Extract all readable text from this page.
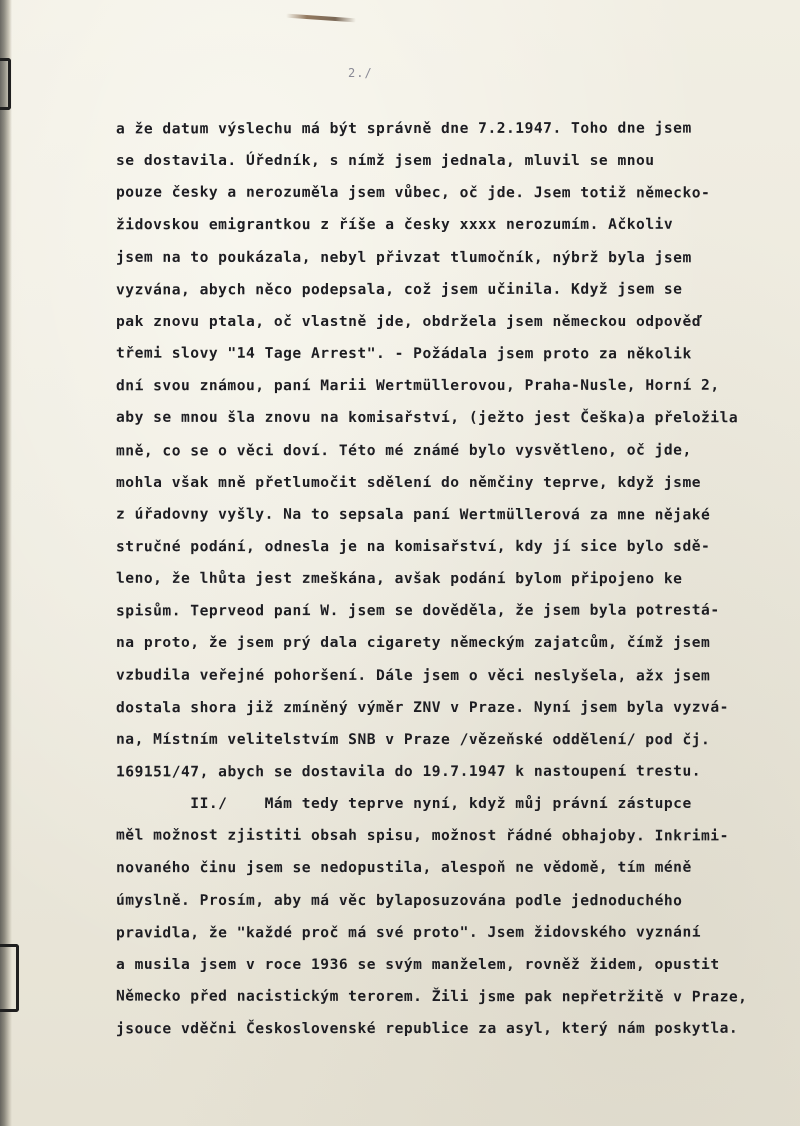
2./
a že datum výslechu má být správně dne 7.2.1947. Toho dne jsem
se dostavila. Úředník, s nímž jsem jednala, mluvil se mnou
pouze česky a nerozuměla jsem vůbec, oč jde. Jsem totiž německo-
židovskou emigrantkou z říše a česky xxxx nerozumím. Ačkoliv
jsem na to poukázala, nebyl přivzat tlumočník, nýbrž byla jsem
vyzvána, abych něco podepsala, což jsem učinila. Když jsem se
pak znovu ptala, oč vlastně jde, obdržela jsem německou odpověď
třemi slovy "14 Tage Arrest". - Požádala jsem proto za několik
dní svou známou, paní Marii Wertmüllerovou, Praha-Nusle, Horní 2,
aby se mnou šla znovu na komisařství, (ježto jest Češka)a přeložila
mně, co se o věci doví. Této mé známé bylo vysvětleno, oč jde,
mohla však mně přetlumočit sdělení do němčiny teprve, když jsme
z úřadovny vyšly. Na to sepsala paní Wertmüllerová za mne nějaké
stručné podání, odnesla je na komisařství, kdy jí sice bylo sdě-
leno, že lhůta jest zmeškána, avšak podání bylom připojeno ke
spisům. Teprveod paní W. jsem se dověděla, že jsem byla potrestá-
na proto, že jsem prý dala cigarety německým zajatcům, čímž jsem
vzbudila veřejné pohoršení. Dále jsem o věci neslyšela, ažx jsem
dostala shora již zmíněný výměr ZNV v Praze. Nyní jsem byla vyzvá-
na, Místním velitelstvím SNB v Praze /vězeňské oddělení/ pod čj.
169151/47, abych se dostavila do 19.7.1947 k nastoupení trestu.
II./    Mám tedy teprve nyní, když můj právní zástupce
měl možnost zjistiti obsah spisu, možnost řádné obhajoby. Inkrimi-
novaného činu jsem se nedopustila, alespoň ne vědomě, tím méně
úmyslně. Prosím, aby má věc bylaposuzována podle jednoduchého
pravidla, že "každé proč má své proto". Jsem židovského vyznání
a musila jsem v roce 1936 se svým manželem, rovněž židem, opustit
Německo před nacistickým terorem. Žili jsme pak nepřetržitě v Praze,
jsouce vděčni Československé republice za asyl, který nám poskytla.
